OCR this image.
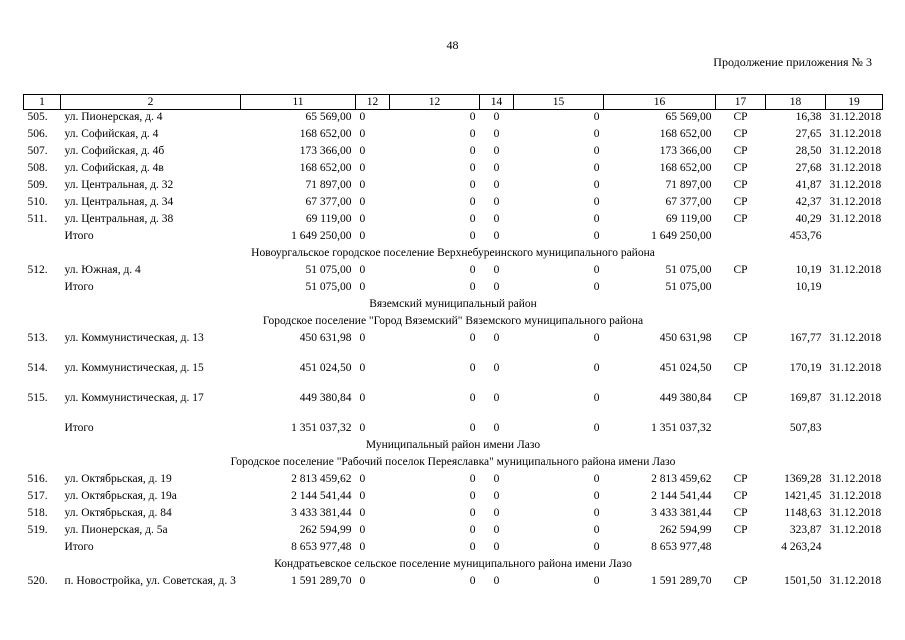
48
Продолжение приложения № 3
1	2	11	12	12	14	15	16	17	18	19
505.	ул. Пионерская, д. 4	65 569,00	0	0	0	0	65 569,00	СР	16,38	31.12.2018
506.	ул. Софийская, д. 4	168 652,00	0	0	0	0	168 652,00	СР	27,65	31.12.2018
507.	ул. Софийская, д. 4б	173 366,00	0	0	0	0	173 366,00	СР	28,50	31.12.2018
508.	ул. Софийская, д. 4в	168 652,00	0	0	0	0	168 652,00	СР	27,68	31.12.2018
509.	ул. Центральная, д. 32	71 897,00	0	0	0	0	71 897,00	СР	41,87	31.12.2018
510.	ул. Центральная, д. 34	67 377,00	0	0	0	0	67 377,00	СР	42,37	31.12.2018
511.	ул. Центральная, д. 38	69 119,00	0	0	0	0	69 119,00	СР	40,29	31.12.2018
	Итого	1 649 250,00	0	0	0	0	1 649 250,00		453,76	
Новоургальское городское поселение Верхнебуреинского муниципального района										
512.	ул. Южная, д. 4	51 075,00	0	0	0	0	51 075,00	СР	10,19	31.12.2018
	Итого	51 075,00	0	0	0	0	51 075,00		10,19	
Вяземский муниципальный район										
Городское поселение "Город Вяземский" Вяземского муниципального района										
513.	ул. Коммунистическая, д. 13	450 631,98	0	0	0	0	450 631,98	СР	167,77	31.12.2018
514.	ул. Коммунистическая, д. 15	451 024,50	0	0	0	0	451 024,50	СР	170,19	31.12.2018
515.	ул. Коммунистическая, д. 17	449 380,84	0	0	0	0	449 380,84	СР	169,87	31.12.2018
	Итого	1 351 037,32	0	0	0	0	1 351 037,32		507,83	
Муниципальный район имени Лазо										
Городское поселение "Рабочий поселок Переяславка" муниципального района имени Лазо										
516.	ул. Октябрьская, д. 19	2 813 459,62	0	0	0	0	2 813 459,62	СР	1369,28	31.12.2018
517.	ул. Октябрьская, д. 19а	2 144 541,44	0	0	0	0	2 144 541,44	СР	1421,45	31.12.2018
518.	ул. Октябрьская, д. 84	3 433 381,44	0	0	0	0	3 433 381,44	СР	1148,63	31.12.2018
519.	ул. Пионерская, д. 5а	262 594,99	0	0	0	0	262 594,99	СР	323,87	31.12.2018
	Итого	8 653 977,48	0	0	0	0	8 653 977,48		4 263,24	
Кондратьевское сельское поселение муниципального района имени Лазо										
520.	п. Новостройка, ул. Советская, д. 3	1 591 289,70	0	0	0	0	1 591 289,70	СР	1501,50	31.12.2018
